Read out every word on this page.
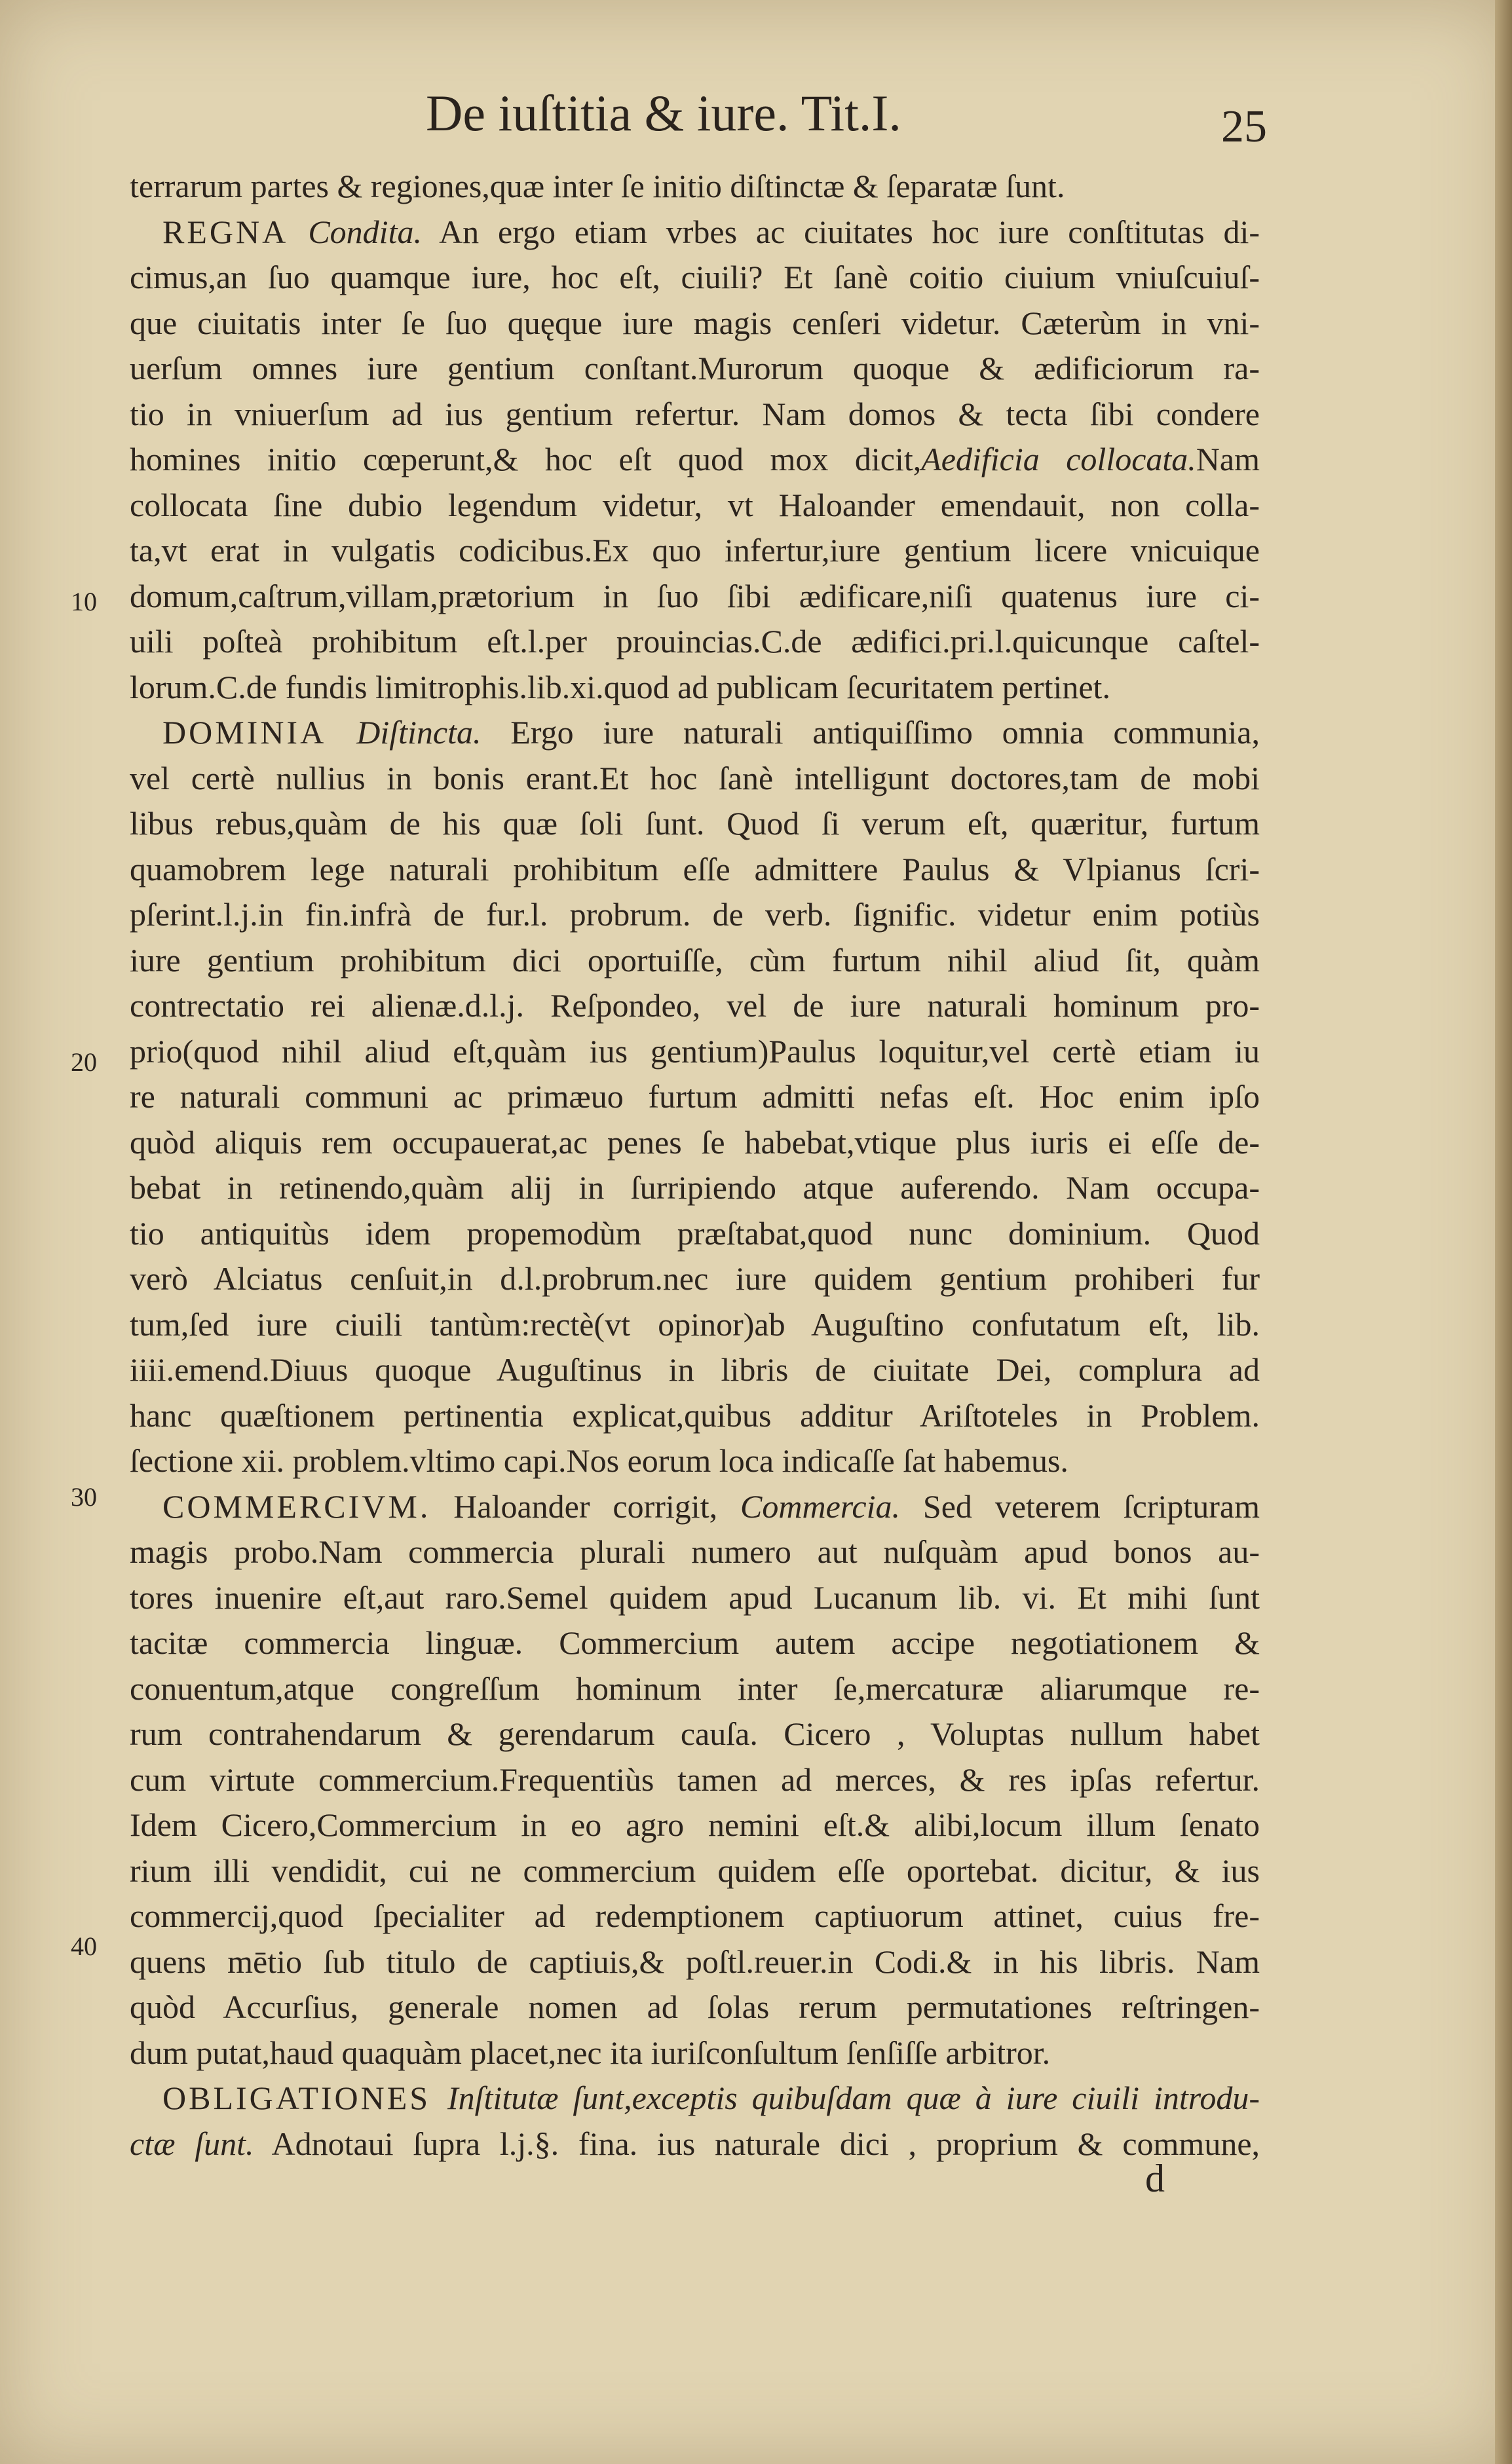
De iuſtitia & iure. Tit.I.	25
10
20
30
40
terrarum partes & regiones,quæ inter ſe initio diſtinctæ & ſeparatæ ſunt.
REGNA Condita. An ergo etiam vrbes ac ciuitates hoc iure conſtitutas di-
cimus,an ſuo quamque iure, hoc eſt, ciuili? Et ſanè coitio ciuium vniuſcuiuſ-
que ciuitatis inter ſe ſuo quęque iure magis cenſeri videtur. Cæterùm in vni-
uerſum omnes iure gentium conſtant.Murorum quoque & ædificiorum ra-
tio in vniuerſum ad ius gentium refertur. Nam domos & tecta ſibi condere
homines initio cœperunt,& hoc eſt quod mox dicit,Aedificia collocata.Nam
collocata ſine dubio legendum videtur, vt Haloander emendauit, non colla-
ta,vt erat in vulgatis codicibus.Ex quo infertur,iure gentium licere vnicuique
domum,caſtrum,villam,prætorium in ſuo ſibi ædificare,niſi quatenus iure ci-
uili poſteà prohibitum eſt.l.per prouincias.C.de ædifici.pri.l.quicunque caſtel-
lorum.C.de fundis limitrophis.lib.xi.quod ad publicam ſecuritatem pertinet.
DOMINIA Diſtincta. Ergo iure naturali antiquiſſimo omnia communia,
vel certè nullius in bonis erant.Et hoc ſanè intelligunt doctores,tam de mobi
libus rebus,quàm de his quæ ſoli ſunt. Quod ſi verum eſt, quæritur, furtum
quamobrem lege naturali prohibitum eſſe admittere Paulus & Vlpianus ſcri-
pſerint.l.j.in fin.infrà de fur.l. probrum. de verb. ſignific. videtur enim potiùs
iure gentium prohibitum dici oportuiſſe, cùm furtum nihil aliud ſit, quàm
contrectatio rei alienæ.d.l.j. Reſpondeo, vel de iure naturali hominum pro-
prio(quod nihil aliud eſt,quàm ius gentium)Paulus loquitur,vel certè etiam iu
re naturali communi ac primæuo furtum admitti nefas eſt. Hoc enim ipſo
quòd aliquis rem occupauerat,ac penes ſe habebat,vtique plus iuris ei eſſe de-
bebat in retinendo,quàm alij in ſurripiendo atque auferendo. Nam occupa-
tio antiquitùs idem propemodùm præſtabat,quod nunc dominium. Quod
verò Alciatus cenſuit,in d.l.probrum.nec iure quidem gentium prohiberi fur
tum,ſed iure ciuili tantùm:rectè(vt opinor)ab Auguſtino confutatum eſt, lib.
iiii.emend.Diuus quoque Auguſtinus in libris de ciuitate Dei, complura ad
hanc quæſtionem pertinentia explicat,quibus additur Ariſtoteles in Problem.
ſectione xii. problem.vltimo capi.Nos eorum loca indicaſſe ſat habemus.
COMMERCIVM. Haloander corrigit, Commercia. Sed veterem ſcripturam
magis probo.Nam commercia plurali numero aut nuſquàm apud bonos au-
tores inuenire eſt,aut raro.Semel quidem apud Lucanum lib. vi. Et mihi ſunt
tacitæ commercia linguæ. Commercium autem accipe negotiationem &
conuentum,atque congreſſum hominum inter ſe,mercaturæ aliarumque re-
rum contrahendarum & gerendarum cauſa. Cicero , Voluptas nullum habet
cum virtute commercium.Frequentiùs tamen ad merces, & res ipſas refertur.
Idem Cicero,Commercium in eo agro nemini eſt.& alibi,locum illum ſenato
rium illi vendidit, cui ne commercium quidem eſſe oportebat. dicitur, & ius
commercij,quod ſpecialiter ad redemptionem captiuorum attinet, cuius fre-
quens mētio ſub titulo de captiuis,& poſtl.reuer.in Codi.& in his libris. Nam
quòd Accurſius, generale nomen ad ſolas rerum permutationes reſtringen-
dum putat,haud quaquàm placet,nec ita iuriſconſultum ſenſiſſe arbitror.
OBLIGATIONES Inſtitutæ ſunt,exceptis quibuſdam quæ à iure ciuili introdu-
ctæ ſunt. Adnotaui ſupra l.j.§. fina. ius naturale dici , proprium & commune,
d
